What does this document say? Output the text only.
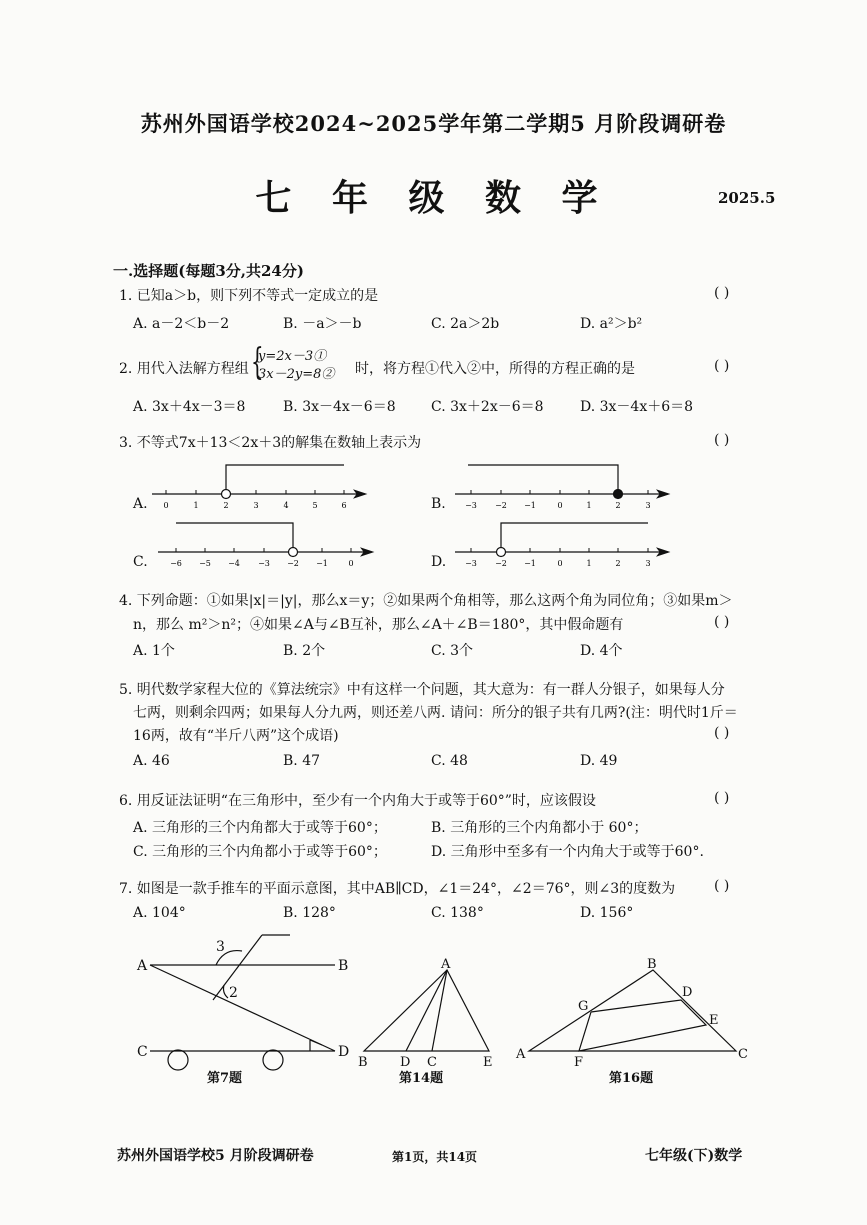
苏州外国语学校2024~2025学年第二学期5 月阶段调研卷
七 年 级 数 学	2025.5
一.选择题(每题3分,共24分)
1. 已知a＞b，则下列不等式一定成立的是	( )
A. a－2＜b－2	B. －a＞－b	C. 2a＞2b	D. a²＞b²
2. 用代入法解方程组 {
y=2x－3①
3x－2y=8② 时，将方程①代入②中，所得的方程正确的是	( )
A. 3x＋4x－3＝8	B. 3x－4x－6＝8	C. 3x＋2x－6＝8	D. 3x－4x＋6＝8
3. 不等式7x＋13＜2x＋3的解集在数轴上表示为	( )
A.	B.
C.	D.
0	1	2	3	4	5	6	−3 −2 −1	0	1	2	3
−6 −5 −4 −3 −2 −1	0	−3 −2 −1	0	1	2	3
A	B
C	D
2
3
A
B D C	E
B
D
G
E
A
F
C
4. 下列命题：①如果|x|＝|y|，那么x＝y；②如果两个角相等，那么这两个角为同位角；③如果m＞
n，那么 m²＞n²；④如果∠A与∠B互补，那么∠A＋∠B＝180°，其中假命题有	( )
A. 1个	B. 2个	C. 3个	D. 4个
5. 明代数学家程大位的《算法统宗》中有这样一个问题，其大意为：有一群人分银子，如果每人分
七两，则剩余四两；如果每人分九两，则还差八两. 请问：所分的银子共有几两?(注：明代时1斤＝
16两，故有“半斤八两”这个成语)	( )
A. 46	B. 47	C. 48	D. 49
6. 用反证法证明“在三角形中，至少有一个内角大于或等于60°”时，应该假设	( )
A. 三角形的三个内角都大于或等于60°；	B. 三角形的三个内角都小于 60°；
C. 三角形的三个内角都小于或等于60°；	D. 三角形中至多有一个内角大于或等于60°.
7. 如图是一款手推车的平面示意图，其中AB∥CD，∠1＝24°，∠2＝76°，则∠3的度数为	( )
A. 104°	B. 128°	C. 138°	D. 156°
第7题	第14题	第16题
苏州外国语学校5 月阶段调研卷	第1页，共14页	七年级(下)数学
